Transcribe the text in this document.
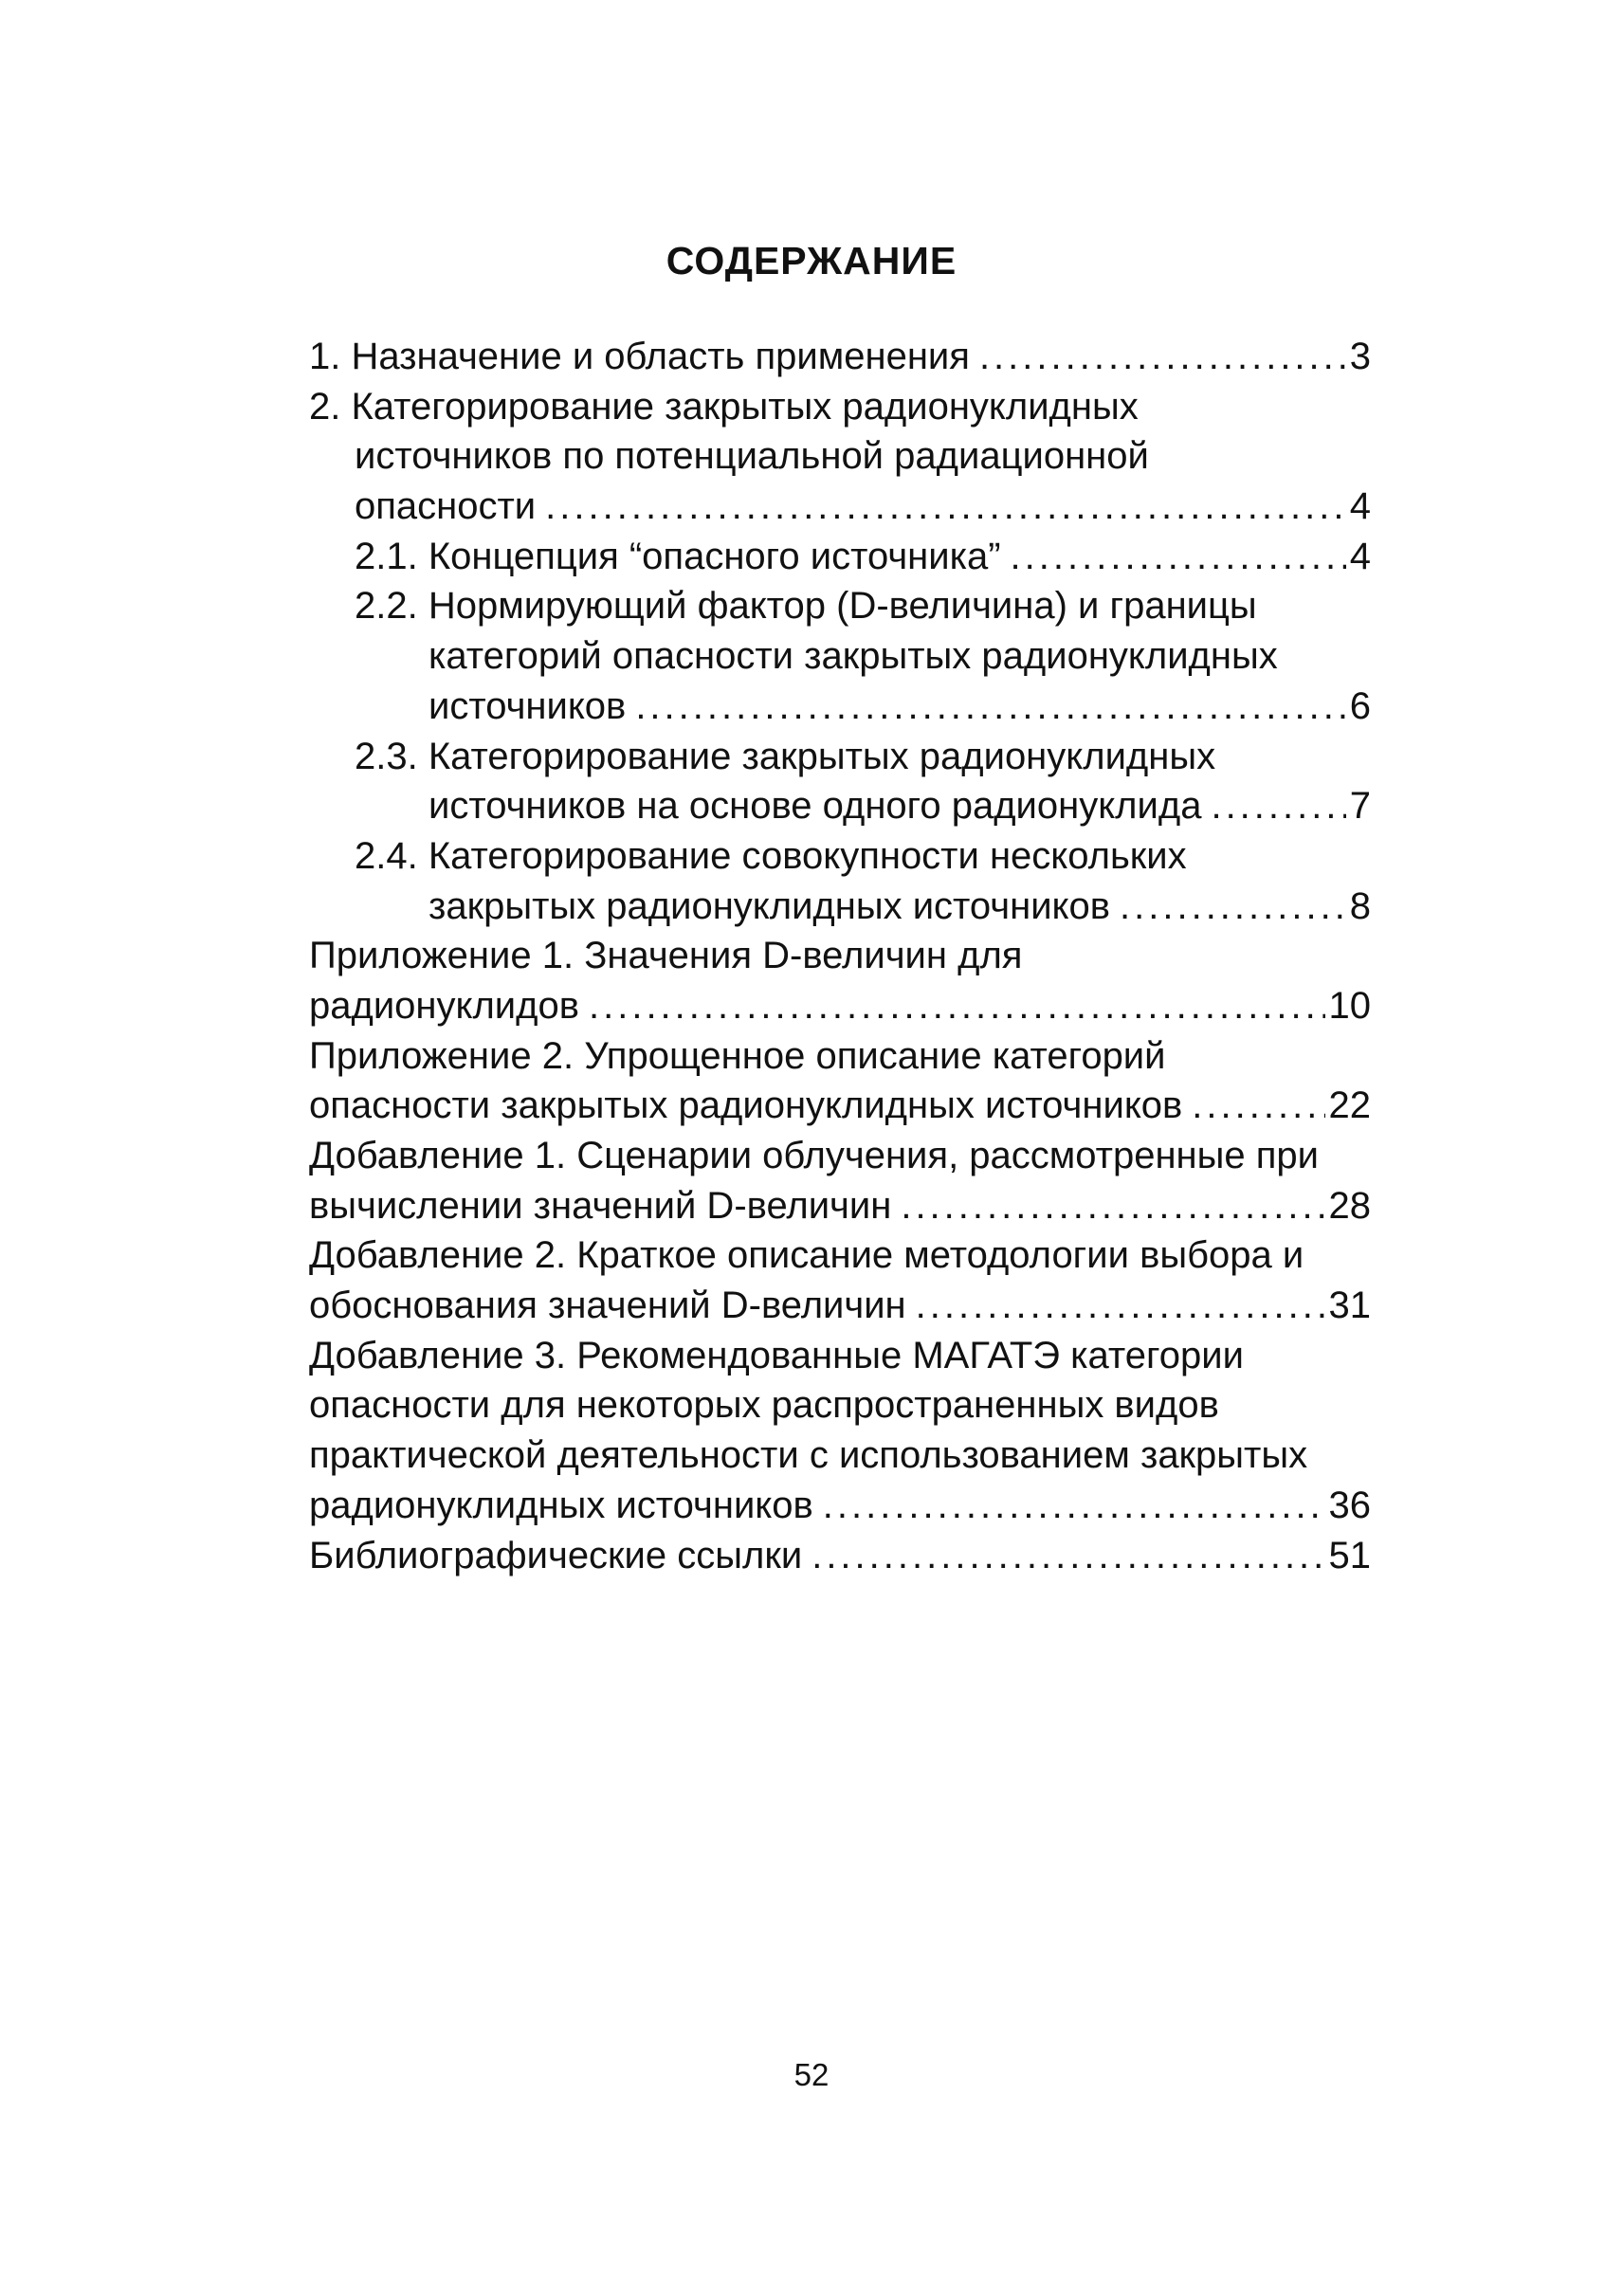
СОДЕРЖАНИЕ
1. Назначение и область применения .....	3
2. Категорирование закрытых радионуклидных
источников по потенциальной радиационной
опасности .....	4
2.1. Концепция “опасного источника” .....	4
2.2. Нормирующий фактор (D-величина) и границы
категорий опасности закрытых радионуклидных
источников .....	6
2.3. Категорирование закрытых радионуклидных
источников на основе одного радионуклида .....	7
2.4. Категорирование совокупности нескольких
закрытых радионуклидных источников .....	8
Приложение 1. Значения D-величин для
радионуклидов .....	10
Приложение 2. Упрощенное описание категорий
опасности закрытых радионуклидных источников .....	22
Добавление 1. Сценарии облучения, рассмотренные при
вычислении значений D-величин .....	28
Добавление 2. Краткое описание методологии выбора и
обоснования значений D-величин .....	31
Добавление 3. Рекомендованные МАГАТЭ категории
опасности для некоторых распространенных видов
практической деятельности с использованием закрытых
радионуклидных источников .....	36
Библиографические ссылки .....	51
52
